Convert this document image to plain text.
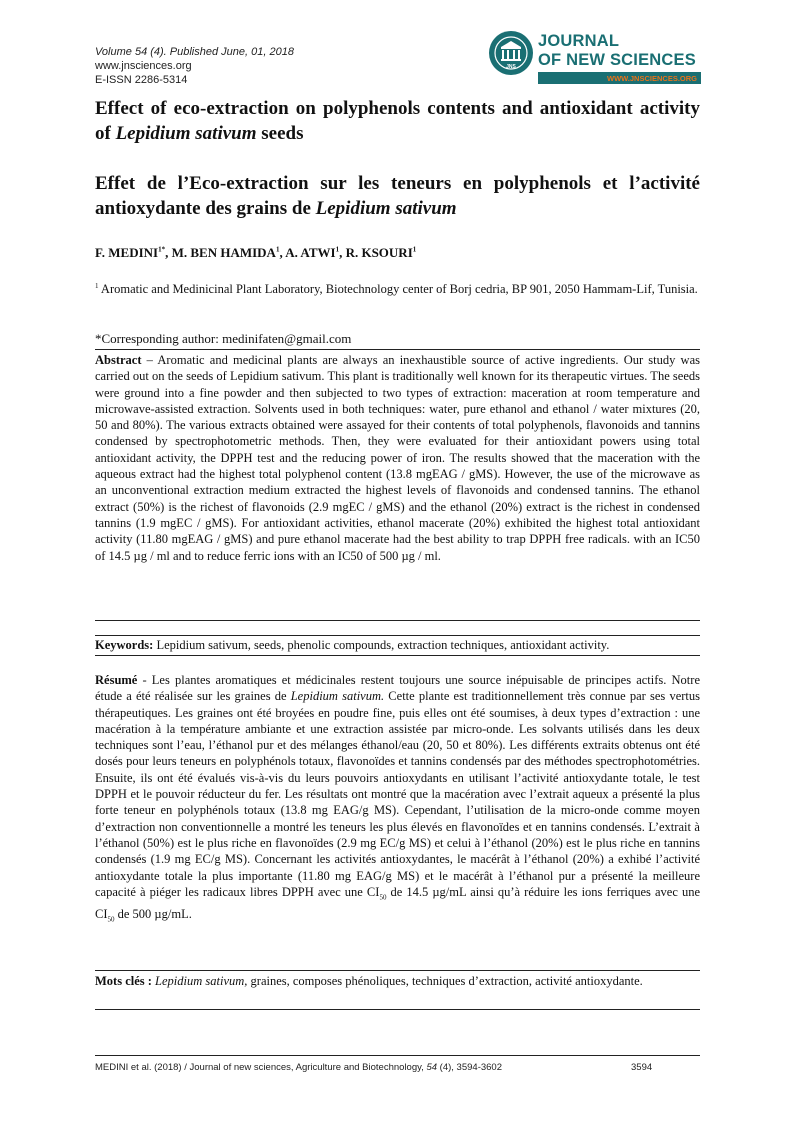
Volume 54 (4). Published June, 01, 2018
www.jnsciences.org
E-ISSN 2286-5314
JNS
JOURNAL
OF NEW SCIENCES
WWW.JNSCIENCES.ORG
Effect of eco-extraction on polyphenols contents and antioxidant activity of Lepidium sativum seeds
Effet de l’Eco-extraction sur les teneurs en polyphenols et l’activité antioxydante des grains de Lepidium sativum
F. $MEDINI^{1*}$, M. BEN HAMIDA$^1$, A. ATWI$^1$, R. KSOURI$^1$
$^1$ Aromatic and Medinicinal Plant Laboratory, Biotechnology center of Borj cedria, BP 901, 2050 Hammam-Lif, Tunisia.
*Corresponding author: medinifaten@gmail.com

Abstract – Aromatic and medicinal plants are always an inexhaustible source of active ingredients. Our study was carried out on the seeds of Lepidium sativum. This plant is traditionally well known for its therapeutic virtues. The seeds were ground into a fine powder and then subjected to two types of extraction: maceration at room temperature and microwave-assisted extraction. Solvents used in both techniques: water, pure ethanol and ethanol / water mixtures (20, 50 and 80%). The various extracts obtained were assayed for their contents of total polyphenols, flavonoids and tannins condensed by spectrophotometric methods. Then, they were evaluated for their antioxidant powers using total antioxidant activity, the DPPH test and the reducing power of iron. The results showed that the maceration with the aqueous extract had the highest total polyphenol content (13.8 mgEAG / gMS). However, the use of the microwave as an unconventional extraction medium extracted the highest levels of flavonoids and condensed tannins. The ethanol extract (50%) is the richest of flavonoids (2.9 mgEC / gMS) and the ethanol (20%) extract is the richest in condensed tannins (1.9 mgEC / gMS). For antioxidant activities, ethanol macerate (20%) exhibited the highest total antioxidant activity (11.80 mgEAG / gMS) and pure ethanol macerate had the best ability to trap DPPH free radicals. with an IC50 of 14.5 µg / ml and to reduce ferric ions with an IC50 of 500 µg / ml.

Keywords: Lepidium sativum, seeds, phenolic compounds, extraction techniques, antioxidant activity.

Résumé - Les plantes aromatiques et médicinales restent toujours une source inépuisable de principes actifs. Notre étude a été réalisée sur les graines de Lepidium sativum. Cette plante est traditionnellement très connue par ses vertus thérapeutiques. Les graines ont été broyées en poudre fine, puis elles ont été soumises, à deux types d’extraction : une macération à la température ambiante et une extraction assistée par micro-onde. Les solvants utilisés dans les deux techniques sont l’eau, l’éthanol pur et des mélanges éthanol/eau (20, 50 et 80%). Les différents extraits obtenus ont été dosés pour leurs teneurs en polyphénols totaux, flavonoïdes et tannins condensés par des méthodes spectrophotométries. Ensuite, ils ont été évalués vis-à-vis du leurs pouvoirs antioxydants en utilisant l’activité antioxydante totale, le test DPPH et le pouvoir réducteur du fer. Les résultats ont montré que la macération avec l’extrait aqueux a présenté la plus forte teneur en polyphénols totaux (13.8 mg EAG/g MS). Cependant, l’utilisation de la micro-onde comme moyen d’extraction non conventionnelle a montré les teneurs les plus élevés en flavonoïdes et en tannins condensés. L’extrait à l’éthanol (50%) est le plus riche en flavonoïdes (2.9 mg EC/g MS) et celui à l’éthanol (20%) est le plus riche en tannins condensés (1.9 mg EC/g MS). Concernant les activités antioxydantes, le macérât à l’éthanol (20%) a exhibé l’activité antioxydante totale la plus importante (11.80 mg EAG/g MS) et le macérât à l’éthanol pur a présenté la meilleure capacité à piéger les radicaux libres DPPH avec une $CI_{50}$ de 14.5 µg/mL ainsi qu’à réduire les ions ferriques avec une $CI_{50}$ de 500 µg/mL.

Mots clés : Lepidium sativum, graines, composes phénoliques, techniques d’extraction, activité antioxydante.

MEDINI et al. (2018) / Journal of new sciences, Agriculture and Biotechnology, 54 (4), 3594-3602	3594
